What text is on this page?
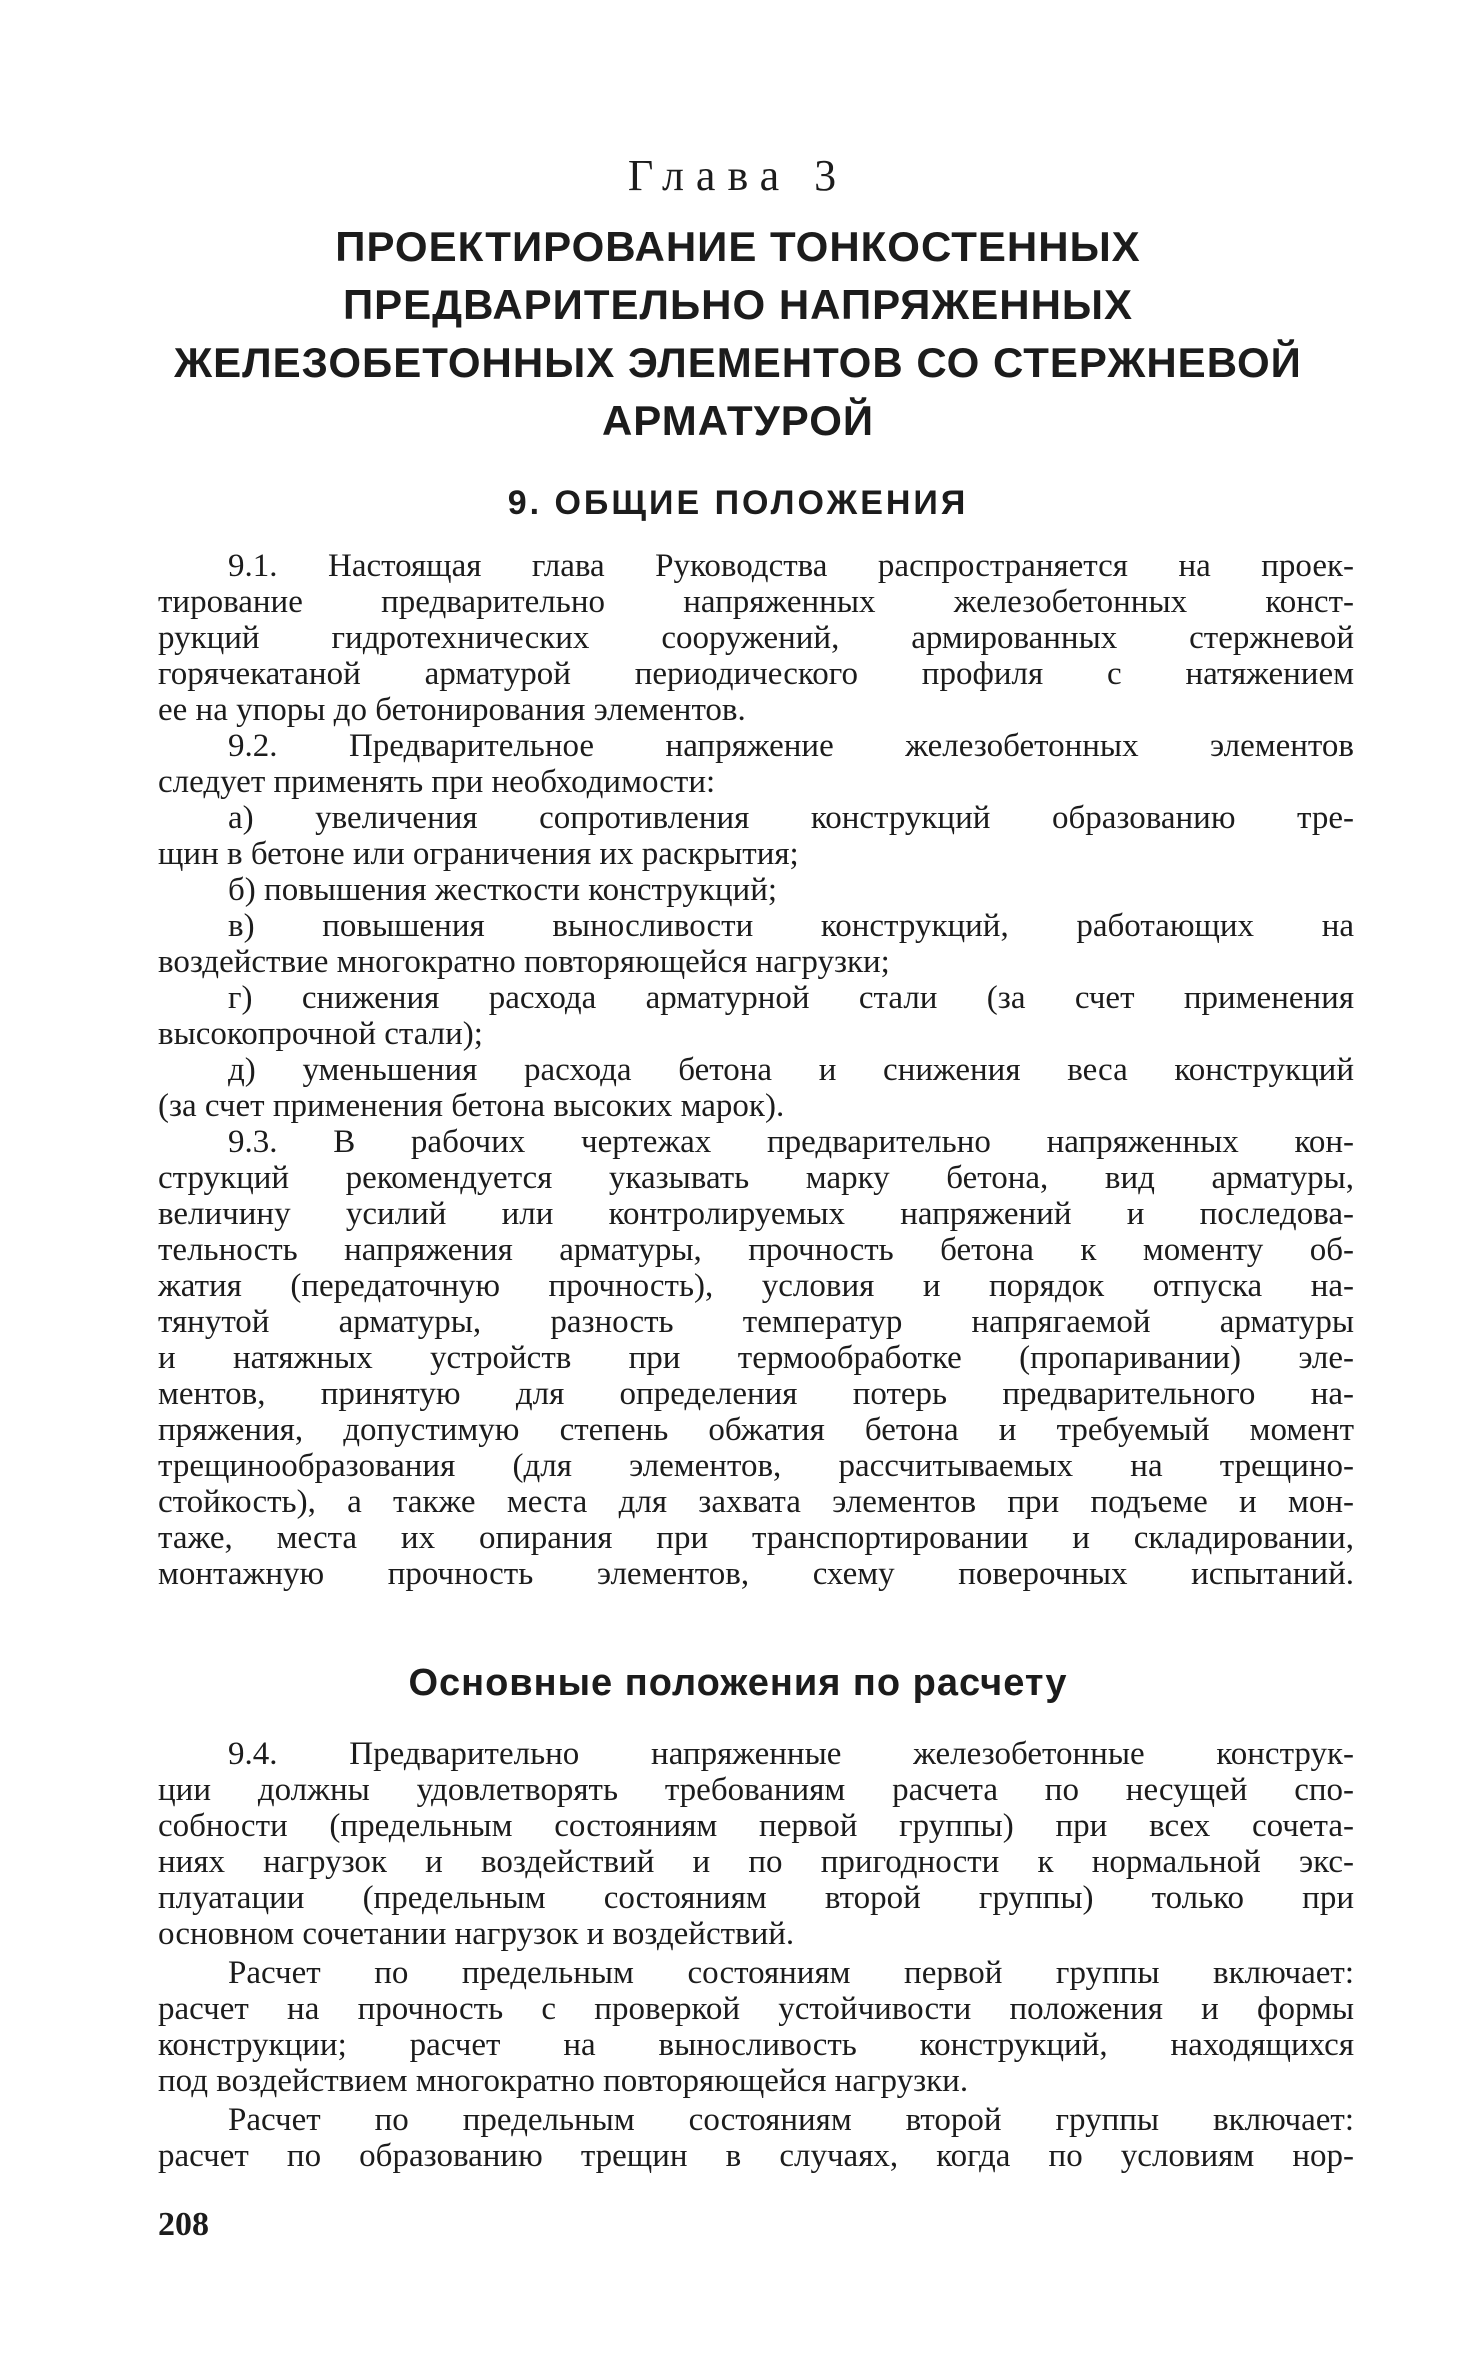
Глава 3
ПРОЕКТИРОВАНИЕ ТОНКОСТЕННЫХ
ПРЕДВАРИТЕЛЬНО НАПРЯЖЕННЫХ
ЖЕЛЕЗОБЕТОННЫХ ЭЛЕМЕНТОВ СО СТЕРЖНЕВОЙ
АРМАТУРОЙ
9. ОБЩИЕ ПОЛОЖЕНИЯ
9.1. Настоящая глава Руководства распространяется на проек-
тирование предварительно напряженных железобетонных конст-
рукций гидротехнических сооружений, армированных стержневой
горячекатаной арматурой периодического профиля с натяжением
ее на упоры до бетонирования элементов.
9.2. Предварительное напряжение железобетонных элементов
следует применять при необходимости:
а) увеличения сопротивления конструкций образованию тре-
щин в бетоне или ограничения их раскрытия;
б) повышения жесткости конструкций;
в) повышения выносливости конструкций, работающих на
воздействие многократно повторяющейся нагрузки;
г) снижения расхода арматурной стали (за счет применения
высокопрочной стали);
д) уменьшения расхода бетона и снижения веса конструкций
(за счет применения бетона высоких марок).
9.3. В рабочих чертежах предварительно напряженных кон-
струкций рекомендуется указывать марку бетона, вид арматуры,
величину усилий или контролируемых напряжений и последова-
тельность напряжения арматуры, прочность бетона к моменту об-
жатия (передаточную прочность), условия и порядок отпуска на-
тянутой арматуры, разность температур напрягаемой арматуры
и натяжных устройств при термообработке (пропаривании) эле-
ментов, принятую для определения потерь предварительного на-
пряжения, допустимую степень обжатия бетона и требуемый момент
трещинообразования (для элементов, рассчитываемых на трещино-
стойкость), а также места для захвата элементов при подъеме и мон-
таже, места их опирания при транспортировании и складировании,
монтажную прочность элементов, схему поверочных испытаний.
Основные положения по расчету
9.4. Предварительно напряженные железобетонные конструк-
ции должны удовлетворять требованиям расчета по несущей спо-
собности (предельным состояниям первой группы) при всех сочета-
ниях нагрузок и воздействий и по пригодности к нормальной экс-
плуатации (предельным состояниям второй группы) только при
основном сочетании нагрузок и воздействий.
Расчет по предельным состояниям первой группы включает:
расчет на прочность с проверкой устойчивости положения и формы
конструкции; расчет на выносливость конструкций, находящихся
под воздействием многократно повторяющейся нагрузки.
Расчет по предельным состояниям второй группы включает:
расчет по образованию трещин в случаях, когда по условиям нор-
208
